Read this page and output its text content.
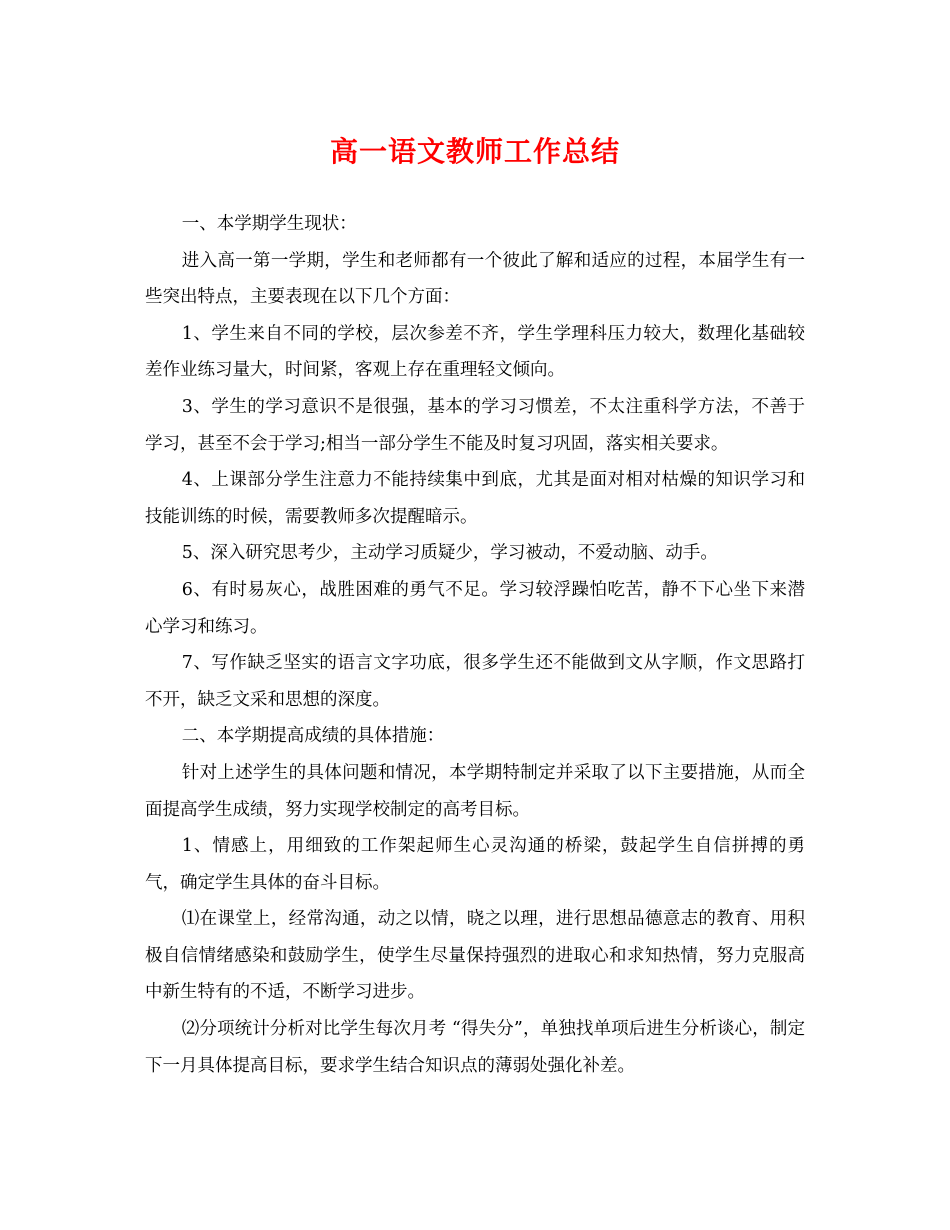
高一语文教师工作总结

一、本学期学生现状：

进入高一第一学期，学生和老师都有一个彼此了解和适应的过程，本届学生有一些突出特点，主要表现在以下几个方面：

1、学生来自不同的学校，层次参差不齐，学生学理科压力较大，数理化基础较差作业练习量大，时间紧，客观上存在重理轻文倾向。

3、学生的学习意识不是很强，基本的学习习惯差，不太注重科学方法，不善于学习，甚至不会于学习;相当一部分学生不能及时复习巩固，落实相关要求。

4、上课部分学生注意力不能持续集中到底，尤其是面对相对枯燥的知识学习和技能训练的时候，需要教师多次提醒暗示。

5、深入研究思考少，主动学习质疑少，学习被动，不爱动脑、动手。

6、有时易灰心，战胜困难的勇气不足。学习较浮躁怕吃苦，静不下心坐下来潜心学习和练习。

7、写作缺乏坚实的语言文字功底，很多学生还不能做到文从字顺，作文思路打不开，缺乏文采和思想的深度。

二、本学期提高成绩的具体措施：

针对上述学生的具体问题和情况，本学期特制定并采取了以下主要措施，从而全面提高学生成绩，努力实现学校制定的高考目标。

1、情感上，用细致的工作架起师生心灵沟通的桥梁，鼓起学生自信拼搏的勇气，确定学生具体的奋斗目标。

⑴在课堂上，经常沟通，动之以情，晓之以理，进行思想品德意志的教育、用积极自信情绪感染和鼓励学生，使学生尽量保持强烈的进取心和求知热情，努力克服高中新生特有的不适，不断学习进步。

⑵分项统计分析对比学生每次月考 “得失分”，单独找单项后进生分析谈心，制定下一月具体提高目标，要求学生结合知识点的薄弱处强化补差。
